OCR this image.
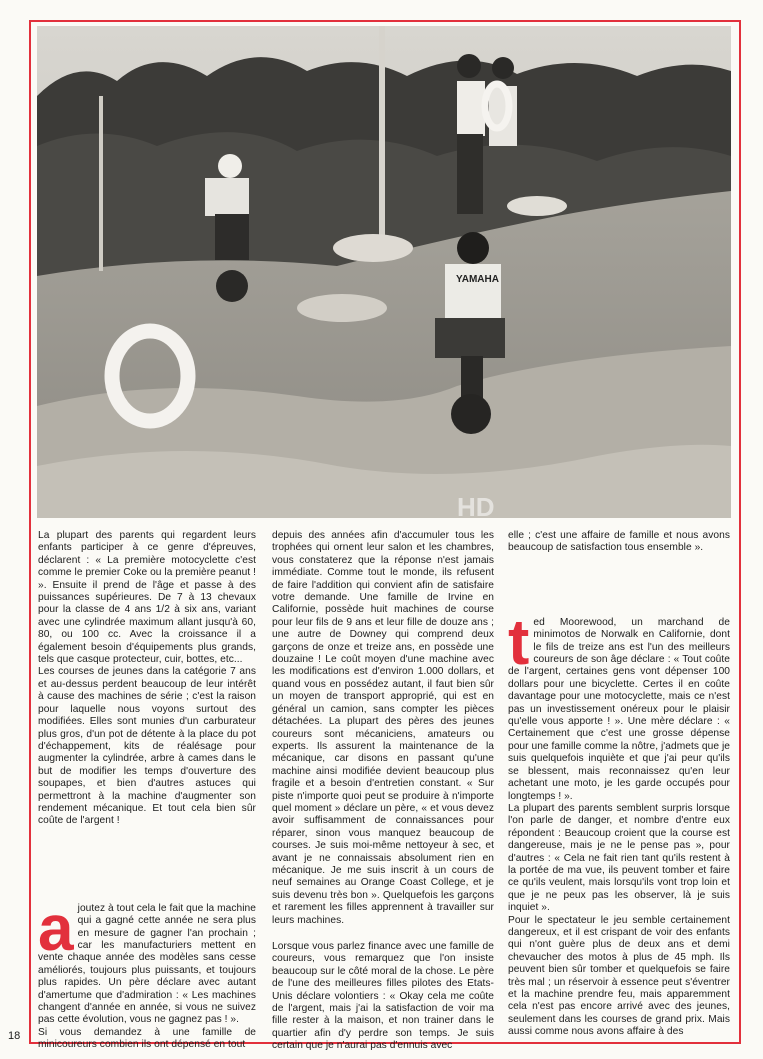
YAMAHA
HD

La plupart des parents qui regardent leurs enfants participer à ce genre d'épreuves, déclarent : « La première motocyclette c'est comme le premier Coke ou la première peanut ! ». Ensuite il prend de l'âge et passe à des puissances supérieures. De 7 à 13 chevaux pour la classe de 4 ans 1/2 à six ans, variant avec une cylindrée maximum allant jusqu'à 60, 80, ou 100 cc. Avec la croissance il a également besoin d'équipements plus grands, tels que casque protecteur, cuir, bottes, etc...

Les courses de jeunes dans la catégorie 7 ans et au-dessus perdent beaucoup de leur intérêt à cause des machines de série ; c'est la raison pour laquelle nous voyons surtout des modifiées. Elles sont munies d'un carburateur plus gros, d'un pot de détente à la place du pot d'échappement, kits de réalésage pour augmenter la cylindrée, arbre à cames dans le but de modifier les temps d'ouverture des soupapes, et bien d'autres astuces qui permettront à la machine d'augmenter son rendement mécanique. Et tout cela bien sûr coûte de l'argent !

a joutez à tout cela le fait que la machine qui a gagné cette année ne sera plus en mesure de gagner l'an prochain ; car les manufacturiers mettent en vente chaque année des modèles sans cesse améliorés, toujours plus puissants, et toujours plus rapides. Un père déclare avec autant d'amertume que d'admiration : « Les machines changent d'année en année, si vous ne suivez pas cette évolution, vous ne gagnez pas ! ».

Si vous demandez à une famille de minicoureurs combien ils ont dépensé en tout

depuis des années afin d'accumuler tous les trophées qui ornent leur salon et les chambres, vous constaterez que la réponse n'est jamais immédiate. Comme tout le monde, ils refusent de faire l'addition qui convient afin de satisfaire votre demande. Une famille de Irvine en Californie, possède huit machines de course pour leur fils de 9 ans et leur fille de douze ans ; une autre de Downey qui comprend deux garçons de onze et treize ans, en possède une douzaine ! Le coût moyen d'une machine avec les modifications est d'environ 1.000 dollars, et quand vous en possédez autant, il faut bien sûr un moyen de transport approprié, qui est en général un camion, sans compter les pièces détachées. La plupart des pères des jeunes coureurs sont mécaniciens, amateurs ou experts. Ils assurent la maintenance de la mécanique, car disons en passant qu'une machine ainsi modifiée devient beaucoup plus fragile et a besoin d'entretien constant. « Sur piste n'importe quoi peut se produire à n'importe quel moment » déclare un père, « et vous devez avoir suffisamment de connaissances pour réparer, sinon vous manquez beaucoup de courses. Je suis moi-même nettoyeur à sec, et avant je ne connaissais absolument rien en mécanique. Je me suis inscrit à un cours de neuf semaines au Orange Coast College, et je suis devenu très bon ». Quelquefois les garçons et rarement les filles apprennent à travailler sur leurs machines.

Lorsque vous parlez finance avec une famille de coureurs, vous remarquez que l'on insiste beaucoup sur le côté moral de la chose. Le père de l'une des meilleures filles pilotes des Etats-Unis déclare volontiers : « Okay cela me coûte de l'argent, mais j'ai la satisfaction de voir ma fille rester à la maison, et non trainer dans le quartier afin d'y perdre son temps. Je suis certain que je n'aurai pas d'ennuis avec

elle ; c'est une affaire de famille et nous avons beaucoup de satisfaction tous ensemble ».

t ed Moorewood, un marchand de minimotos de Norwalk en Californie, dont le fils de treize ans est l'un des meilleurs coureurs de son âge déclare : « Tout coûte de l'argent, certaines gens vont dépenser 100 dollars pour une bicyclette. Certes il en coûte davantage pour une motocyclette, mais ce n'est pas un investissement onéreux pour le plaisir qu'elle vous apporte ! ». Une mère déclare : « Certainement que c'est une grosse dépense pour une famille comme la nôtre, j'admets que je suis quelquefois inquiète et que j'ai peur qu'ils se blessent, mais reconnaissez qu'en leur achetant une moto, je les garde occupés pour longtemps ! ».

La plupart des parents semblent surpris lorsque l'on parle de danger, et nombre d'entre eux répondent : Beaucoup croient que la course est dangereuse, mais je ne le pense pas », pour d'autres : « Cela ne fait rien tant qu'ils restent à la portée de ma vue, ils peuvent tomber et faire ce qu'ils veulent, mais lorsqu'ils vont trop loin et que je ne peux pas les observer, là je suis inquiet ».

Pour le spectateur le jeu semble certainement dangereux, et il est crispant de voir des enfants qui n'ont guère plus de deux ans et demi chevaucher des motos à plus de 45 mph. Ils peuvent bien sûr tomber et quelquefois se faire très mal ; un réservoir à essence peut s'éventrer et la machine prendre feu, mais apparemment cela n'est pas encore arrivé avec des jeunes, seulement dans les courses de grand prix. Mais aussi comme nous avons affaire à des

18
